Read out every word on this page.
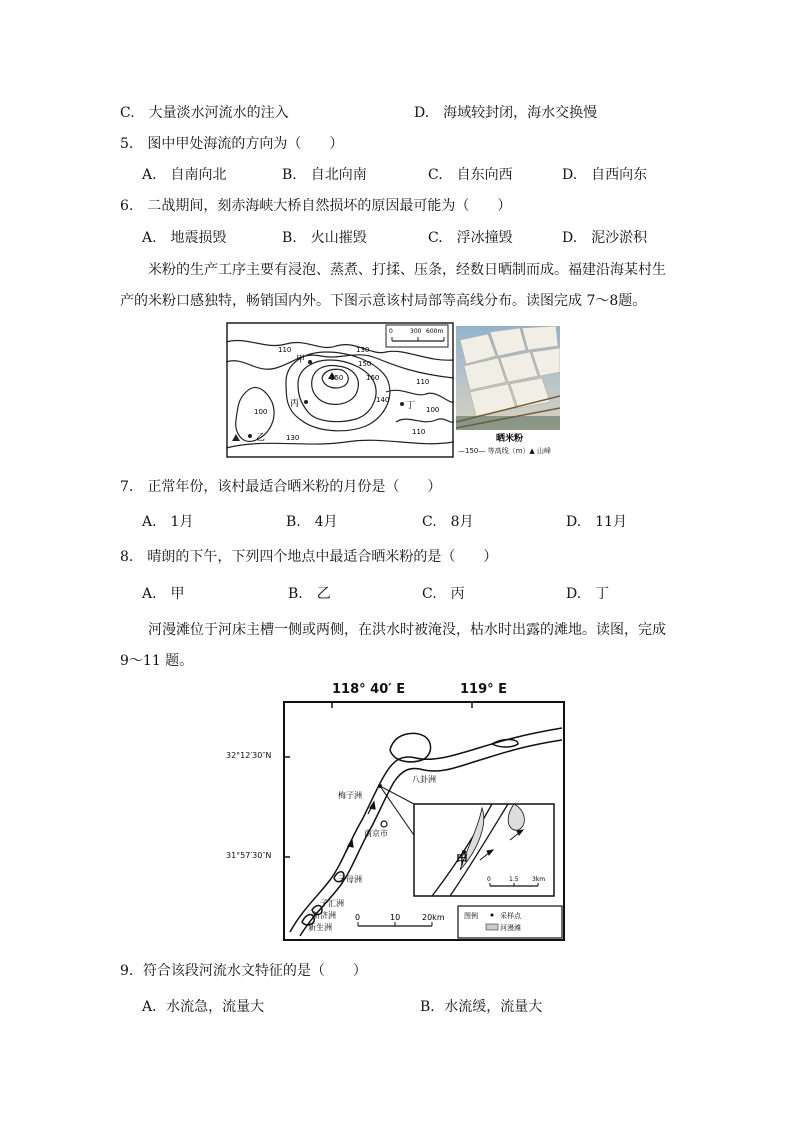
C.　大量淡水河流水的注入	D.　海域较封闭，海水交换慢
5.　图中甲处海流的方向为（　　）
A.　自南向北	B.　自北向南	C.　自东向西	D.　自西向东
6.　二战期间，刻赤海峡大桥自然损坏的原因最可能为（　　）
A.　地震损毁	B.　火山摧毁	C.　浮冰撞毁	D.　泥沙淤积
米粉的生产工序主要有浸泡、蒸煮、打揉、压条，经数日晒制而成。福建沿海某村生
产的米粉口感独特，畅销国内外。下图示意该村局部等高线分布。读图完成 7～8题。
0	300 600m
110	130
150	160
150
140
100
110
100
110
130
甲
乙
丙	丁
晒米粉
—150— 等高线（m）▲ 山峰
7.　正常年份，该村最适合晒米粉的月份是（　　）
A.　1月	B.　4月	C.　8月	D.　11月
8.　晴朗的下午，下列四个地点中最适合晒米粉的是（　　）
A.　甲	B.　乙	C.　丙	D.　丁
河漫滩位于河床主槽一侧或两侧，在洪水时被淹没，枯水时出露的滩地。读图，完成
9～11 题。
118° 40′ E	119° E
32°12′30″N
31°57′30″N
南京市
八卦洲
梅子洲
子母洲
子汇洲
新济洲
新生洲
甲
0	1.5 3km
0	10	20km	图例	采样点
河漫滩
9．符合该段河流水文特征的是（　　）
A．水流急，流量大	B．水流缓，流量大
